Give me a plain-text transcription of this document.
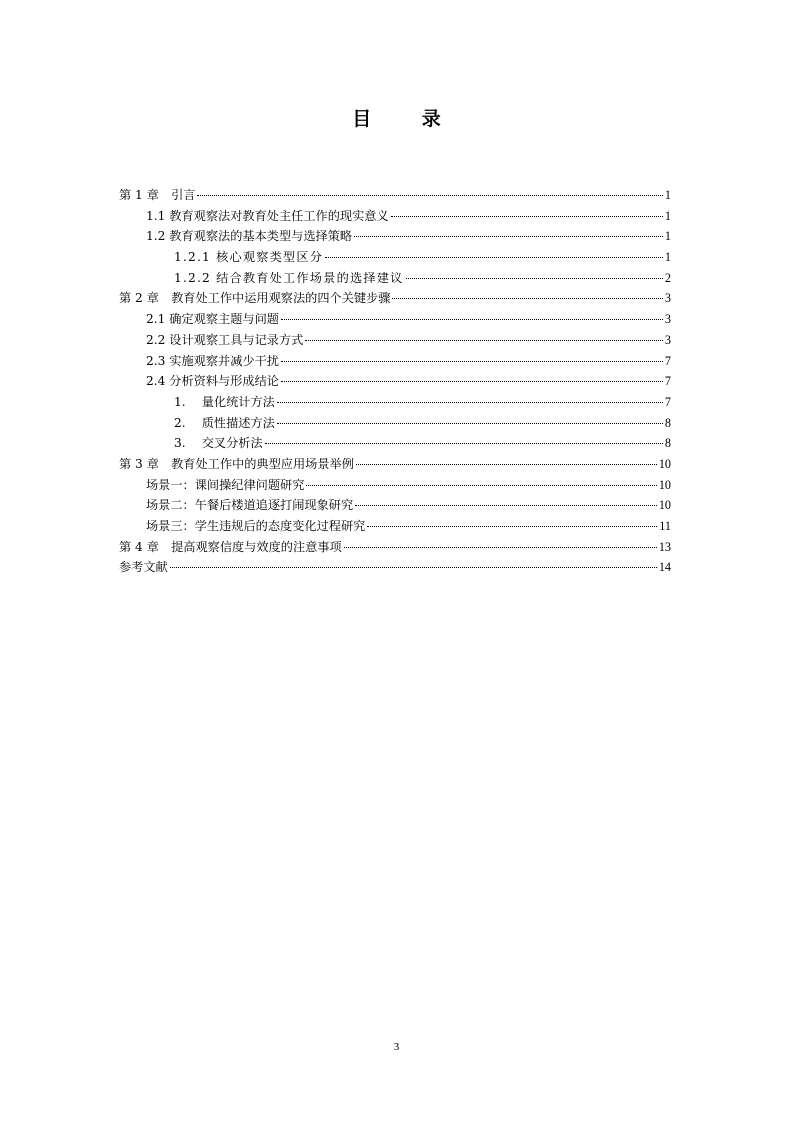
目 录
第 1 章　引言	1
1.1 教育观察法对教育处主任工作的现实意义	1
1.2 教育观察法的基本类型与选择策略	1
1.2.1 核心观察类型区分	1
1.2.2 结合教育处工作场景的选择建议	2
第 2 章　教育处工作中运用观察法的四个关键步骤	3
2.1 确定观察主题与问题	3
2.2 设计观察工具与记录方式	3
2.3 实施观察并减少干扰	7
2.4 分析资料与形成结论	7
1.　 量化统计方法	7
2.　 质性描述方法	8
3.　 交叉分析法	8
第 3 章　教育处工作中的典型应用场景举例	10
场景一：课间操纪律问题研究	10
场景二：午餐后楼道追逐打闹现象研究	10
场景三：学生违规后的态度变化过程研究	11
第 4 章　提高观察信度与效度的注意事项	13
参考文献	14
3
